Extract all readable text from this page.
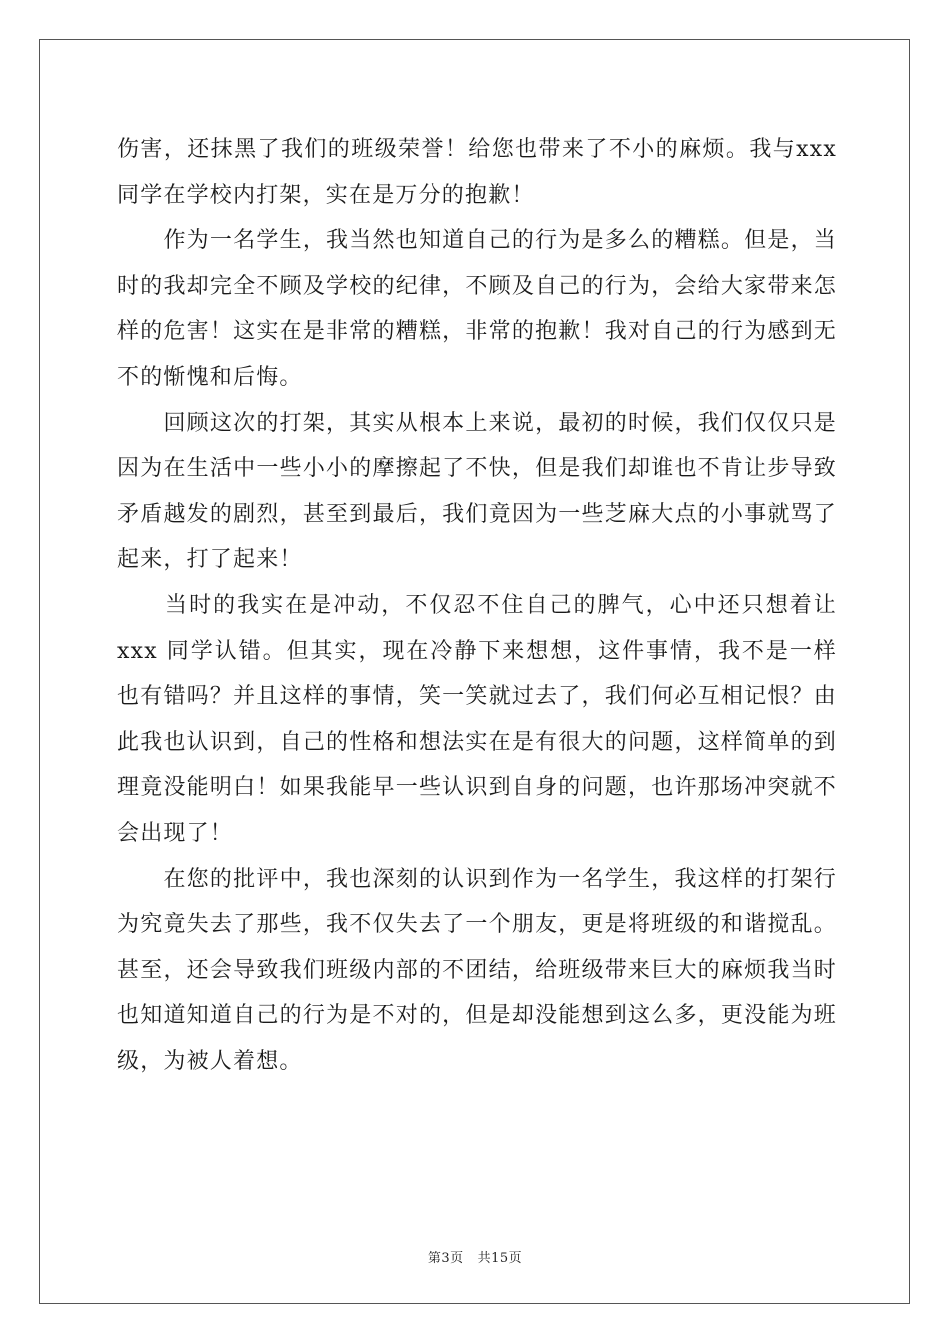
伤害，还抹黑了我们的班级荣誉！给您也带来了不小的麻烦。我与xxx 同学在学校内打架，实在是万分的抱歉！

　　作为一名学生，我当然也知道自己的行为是多么的糟糕。但是，当时的我却完全不顾及学校的纪律，不顾及自己的行为，会给大家带来怎样的危害！这实在是非常的糟糕，非常的抱歉！我对自己的行为感到无不的惭愧和后悔。

　　回顾这次的打架，其实从根本上来说，最初的时候，我们仅仅只是因为在生活中一些小小的摩擦起了不快，但是我们却谁也不肯让步导致矛盾越发的剧烈，甚至到最后，我们竟因为一些芝麻大点的小事就骂了起来，打了起来！

　　当时的我实在是冲动，不仅忍不住自己的脾气，心中还只想着让xxx 同学认错。但其实，现在冷静下来想想，这件事情，我不是一样也有错吗？并且这样的事情，笑一笑就过去了，我们何必互相记恨？由此我也认识到，自己的性格和想法实在是有很大的问题，这样简单的到理竟没能明白！如果我能早一些认识到自身的问题，也许那场冲突就不会出现了！

　　在您的批评中，我也深刻的认识到作为一名学生，我这样的打架行为究竟失去了那些，我不仅失去了一个朋友，更是将班级的和谐搅乱。甚至，还会导致我们班级内部的不团结，给班级带来巨大的麻烦我当时也知道知道自己的行为是不对的，但是却没能想到这么多，更没能为班级，为被人着想。

第3页 共15页
